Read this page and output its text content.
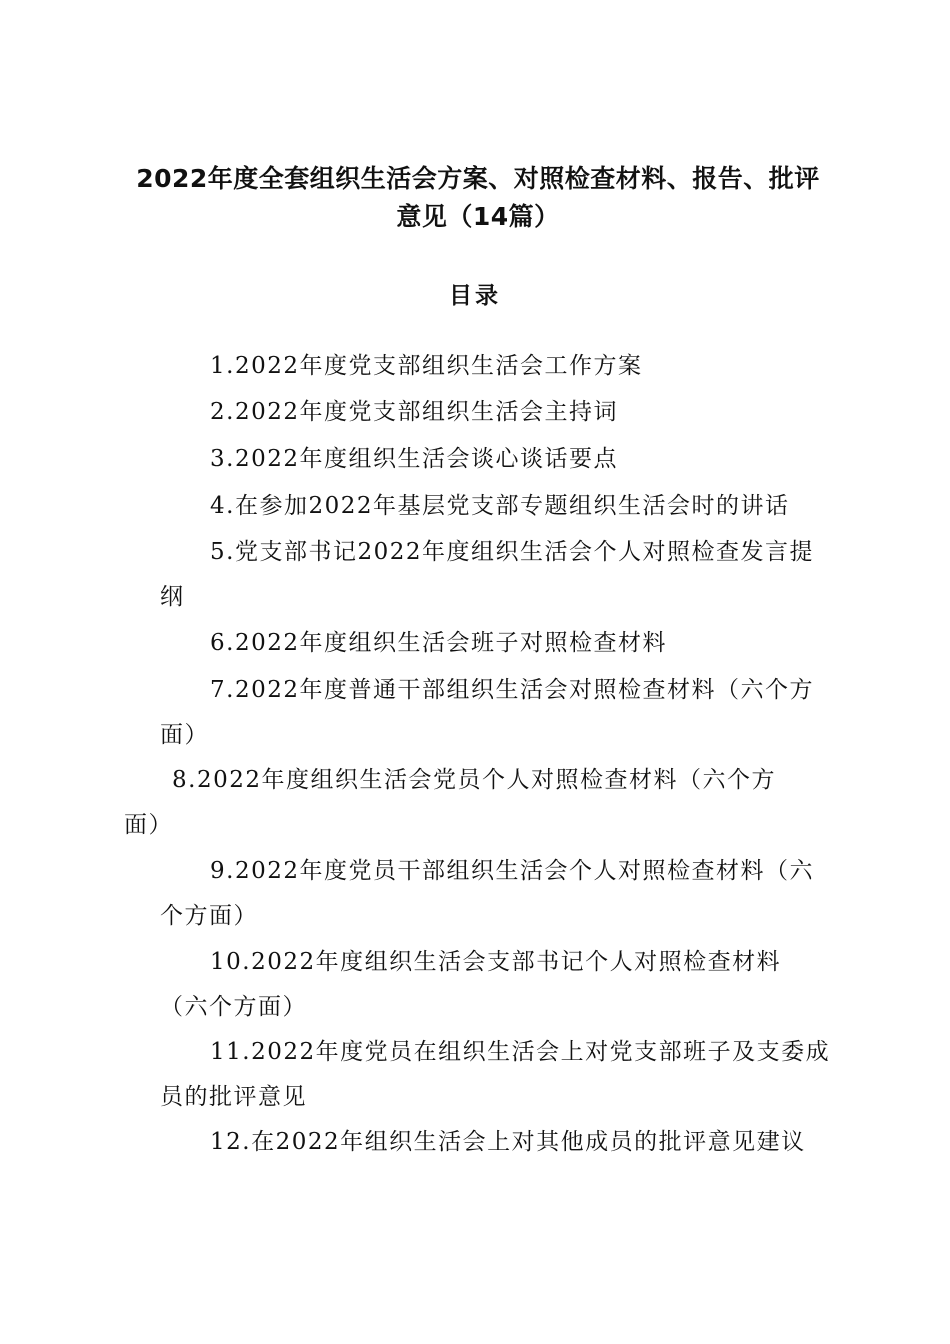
2022年度全套组织生活会方案、对照检查材料、报告、批评意见（14篇）
目录
1.2022年度党支部组织生活会工作方案
2.2022年度党支部组织生活会主持词
3.2022年度组织生活会谈心谈话要点
4.在参加2022年基层党支部专题组织生活会时的讲话
5.党支部书记2022年度组织生活会个人对照检查发言提纲
6.2022年度组织生活会班子对照检查材料
7.2022年度普通干部组织生活会对照检查材料（六个方面）
8.2022年度组织生活会党员个人对照检查材料（六个方面）
9.2022年度党员干部组织生活会个人对照检查材料（六个方面）
10.2022年度组织生活会支部书记个人对照检查材料（六个方面）
11.2022年度党员在组织生活会上对党支部班子及支委成员的批评意见
12.在2022年组织生活会上对其他成员的批评意见建议
